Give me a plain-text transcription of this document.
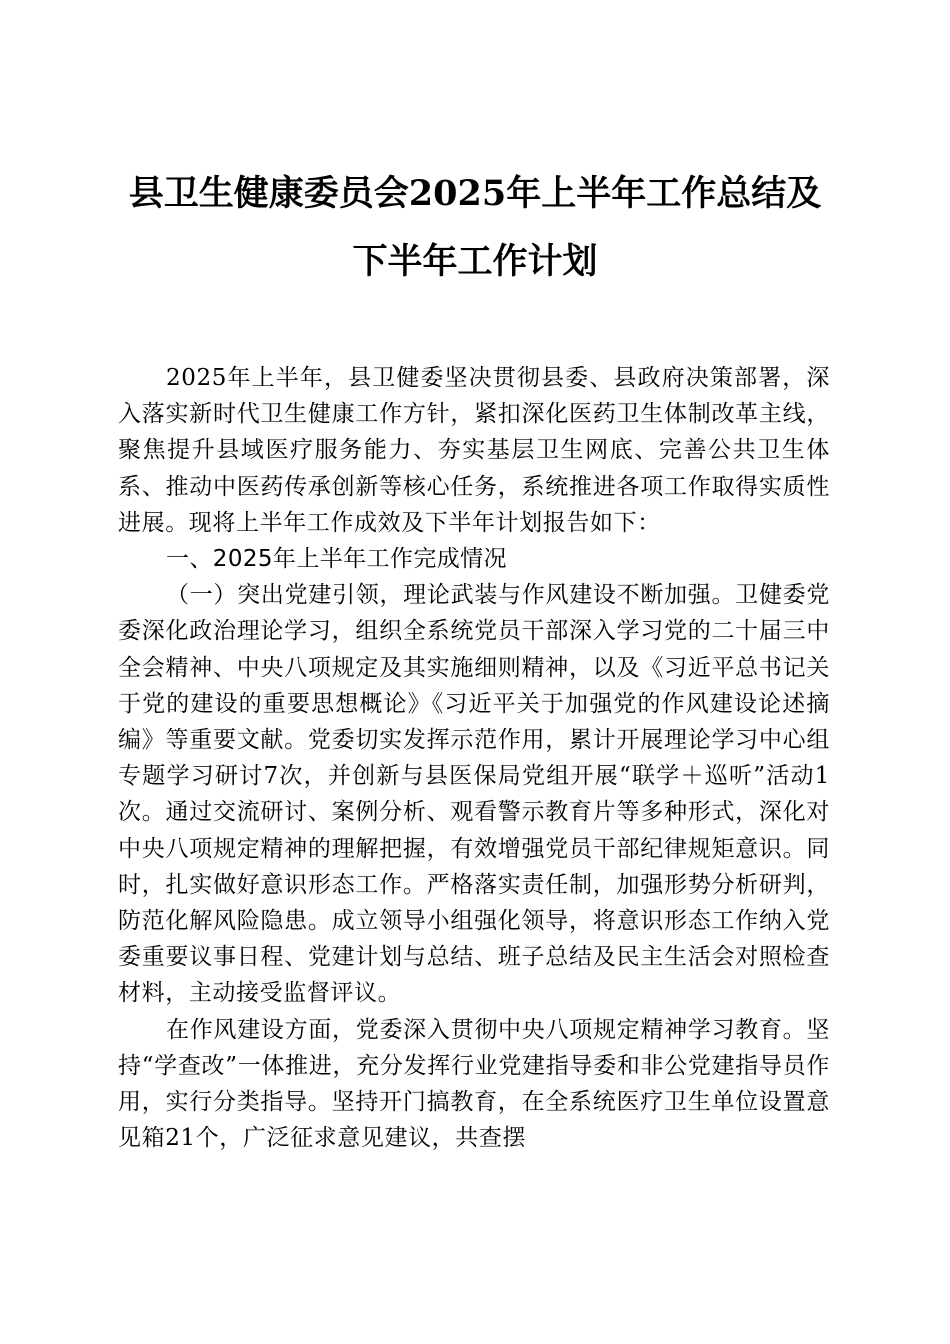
县卫生健康委员会2025年上半年工作总结及
下半年工作计划

2025年上半年，县卫健委坚决贯彻县委、县政府决策部署，深入落实新时代卫生健康工作方针，紧扣深化医药卫生体制改革主线，聚焦提升县域医疗服务能力、夯实基层卫生网底、完善公共卫生体系、推动中医药传承创新等核心任务，系统推进各项工作取得实质性进展。现将上半年工作成效及下半年计划报告如下：

一、2025年上半年工作完成情况

（一）突出党建引领，理论武装与作风建设不断加强。卫健委党委深化政治理论学习，组织全系统党员干部深入学习党的二十届三中全会精神、中央八项规定及其实施细则精神，以及《习近平总书记关于党的建设的重要思想概论》《习近平关于加强党的作风建设论述摘编》等重要文献。党委切实发挥示范作用，累计开展理论学习中心组专题学习研讨7次，并创新与县医保局党组开展“联学＋巡听”活动1次。通过交流研讨、案例分析、观看警示教育片等多种形式，深化对中央八项规定精神的理解把握，有效增强党员干部纪律规矩意识。同时，扎实做好意识形态工作。严格落实责任制，加强形势分析研判，防范化解风险隐患。成立领导小组强化领导，将意识形态工作纳入党委重要议事日程、党建计划与总结、班子总结及民主生活会对照检查材料，主动接受监督评议。

在作风建设方面，党委深入贯彻中央八项规定精神学习教育。坚持“学查改”一体推进，充分发挥行业党建指导委和非公党建指导员作用，实行分类指导。坚持开门搞教育，在全系统医疗卫生单位设置意见箱21个，广泛征求意见建议，共查摆
